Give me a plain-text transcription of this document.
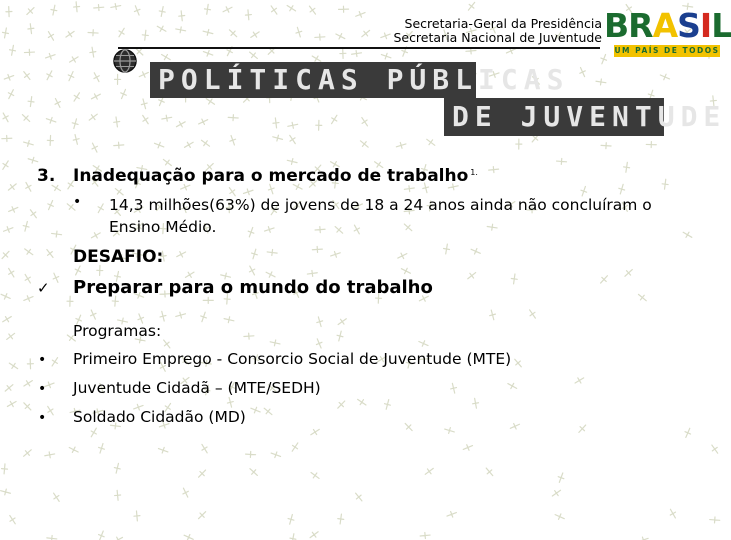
Secretaria-Geral da Presidência
Secretaria Nacional de Juventude B R A S I L
UM PAÍS DE TODOS
POLÍTICAS PÚBLICAS
DE JUVENTUDE
3. Inadequação para o mercado de trabalho $^{1.}$
• 14,3 milhões(63%) de jovens de 18 a 24 anos ainda não concluíram o Ensino Médio.
DESAFIO:
✓ Preparar para o mundo do trabalho
Programas:
• Primeiro Emprego - Consorcio Social de Juventude (MTE)
• Juventude Cidadã – (MTE/SEDH)
• Soldado Cidadão (MD)
